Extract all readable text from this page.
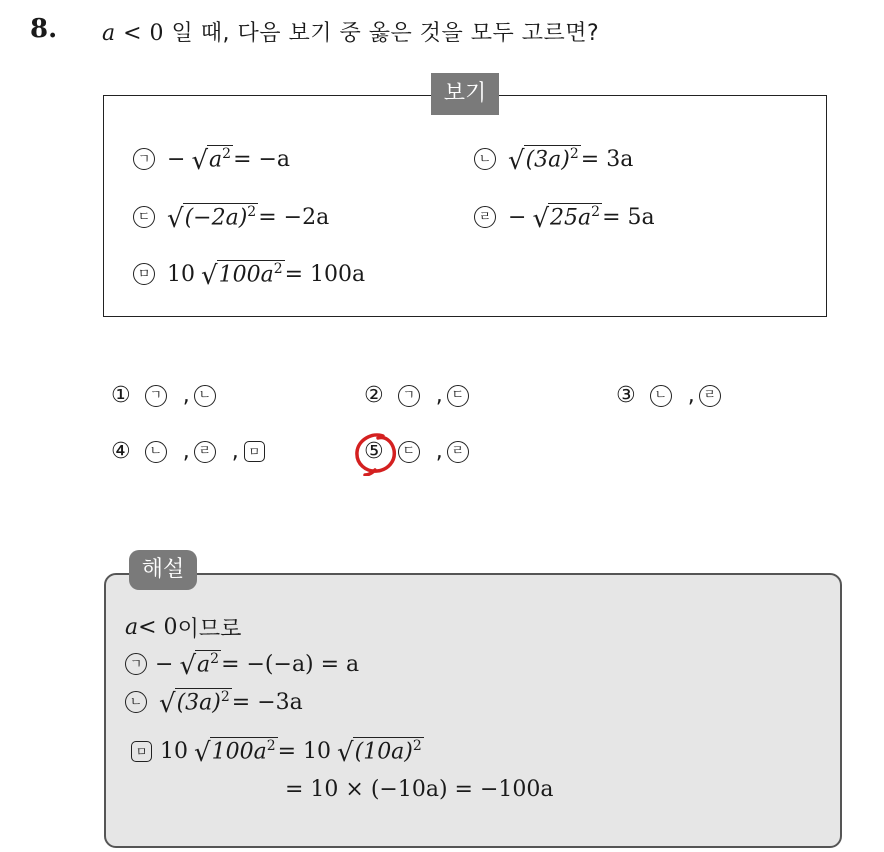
8. a < 0 일 때, 다음 보기 중 옳은 것을 모두 고르면?
보기
ㄱ − √ $a^2 = -a$	ㄴ √ $(3a)^2 = 3a$
ㄷ √ $(-2a)^2 = -2a$	ㄹ − √ $25a^2 = 5a$
ㅁ 10 √ $100a^2 = 100a$
①	ㄱ , ㄴ	②	ㄱ , ㄷ	③	ㄴ , ㄹ
④	ㄴ , ㄹ , ㅁ	⑤	ㄷ , ㄹ
해설
a < 0 이므로
ㄱ − √ $a^2 = -(-a) = a$
ㄴ √ $(3a)^2 = -3a$
ㅁ 10 √ $100a^2 = 10$ √ $(10a)^2$
= 10 × (−10a) = −100a
